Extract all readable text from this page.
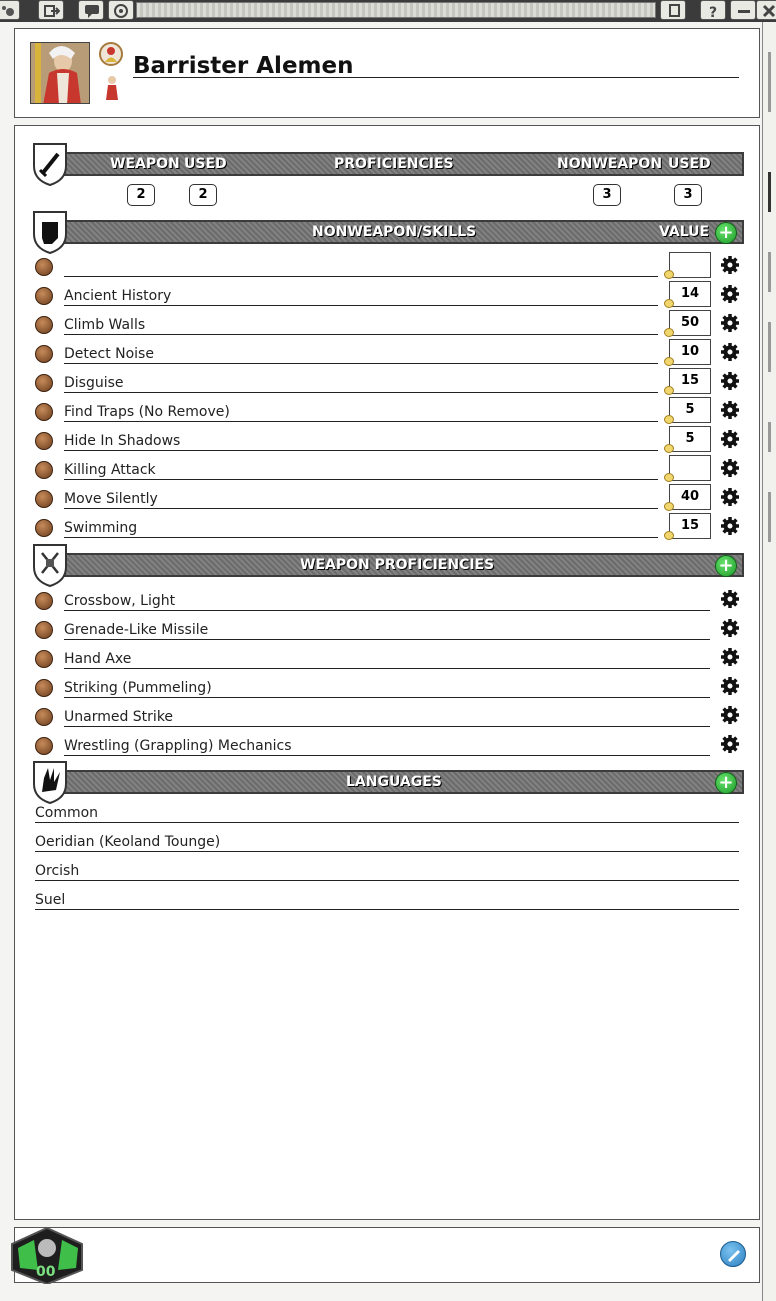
?
Barrister Alemen
WEAPON USED	PROFICIENCIES	NONWEAPON USED
2	2	3	3
NONWEAPON/SKILLS	VALUE +
Ancient History	14
Climb Walls	50
Detect Noise	10
Disguise	15
Find Traps (No Remove)	5
Hide In Shadows	5
Killing Attack
Move Silently	40
Swimming	15
WEAPON PROFICIENCIES	+
Crossbow, Light
Grenade-Like Missile
Hand Axe
Striking (Pummeling)
Unarmed Strike
Wrestling (Grappling) Mechanics
LANGUAGES	+
Common
Oeridian (Keoland Tounge)
Orcish
Suel
00
